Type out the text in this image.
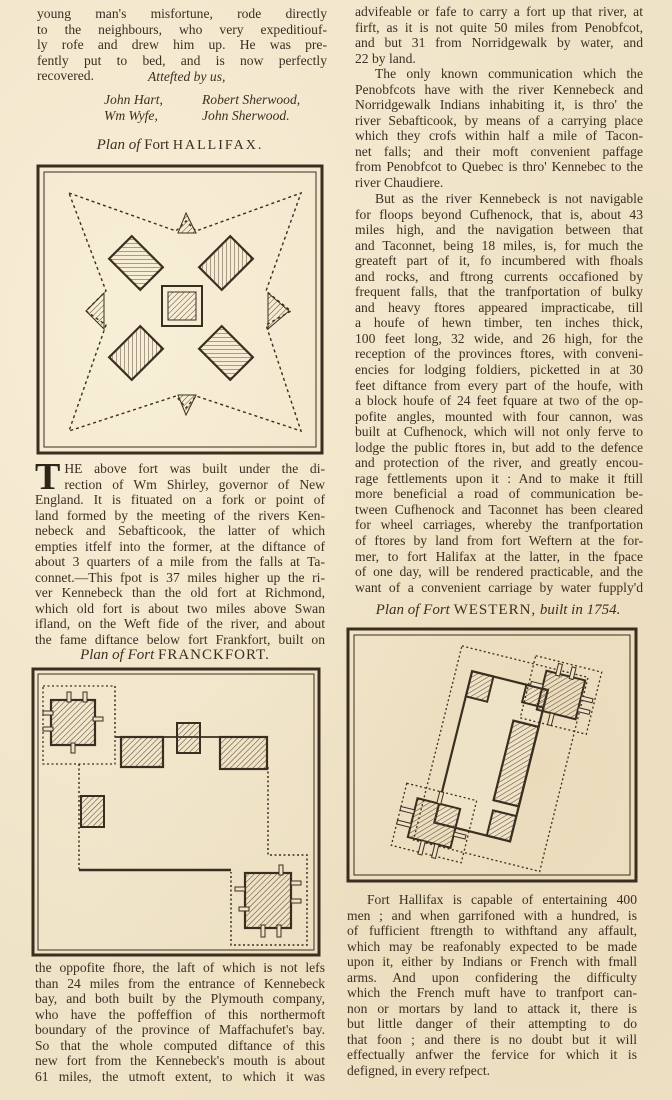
young man's misfortune, rode directly
to the neighbours, who very expeditiouf-
ly rofe and drew him up. He was pre-
fently put to bed, and is now perfectly
recovered.	Attefted by us,
John Hart,	Robert Sherwood,
Wm Wyfe,	John Sherwood.
Plan of Fort HALLIFAX.
T HE above fort was built under the di-
rection of Wm Shirley, governor of New
England. It is fituated on a fork or point of
land formed by the meeting of the rivers Ken-
nebeck and Sebafticook, the latter of which
empties itfelf into the former, at the diftance of
about 3 quarters of a mile from the falls at Ta-
connet.—This fpot is 37 miles higher up the ri-
ver Kennebeck than the old fort at Richmond,
which old fort is about two miles above Swan
ifland, on the Weft fide of the river, and about
the fame diftance below fort Frankfort, built on
Plan of Fort FRANCKFORT.
the oppofite fhore, the laft of which is not lefs
than 24 miles from the entrance of Kennebeck
bay, and both built by the Plymouth company,
who have the poffeffion of this northermoft
boundary of the province of Maffachufet's bay.
So that the whole computed diftance of this
new fort from the Kennebeck's mouth is about
61 miles, the utmoft extent, to which it was
advifeable or fafe to carry a fort up that river, at
firft, as it is not quite 50 miles from Penobfcot,
and but 31 from Norridgewalk by water, and
22 by land.
The only known communication which the
Penobfcots have with the river Kennebeck and
Norridgewalk Indians inhabiting it, is thro' the
river Sebafticook, by means of a carrying place
which they crofs within half a mile of Tacon-
net falls; and their moft convenient paffage
from Penobfcot to Quebec is thro' Kennebec to the
river Chaudiere.
But as the river Kennebeck is not navigable
for floops beyond Cufhenock, that is, about 43
miles high, and the navigation between that
and Taconnet, being 18 miles, is, for much the
greateft part of it, fo incumbered with fhoals
and rocks, and ftrong currents occafioned by
frequent falls, that the tranfportation of bulky
and heavy ftores appeared impracticabe, till
a houfe of hewn timber, ten inches thick,
100 feet long, 32 wide, and 26 high, for the
reception of the provinces ftores, with conveni-
encies for lodging foldiers, picketted in at 30
feet diftance from every part of the houfe, with
a block houfe of 24 feet fquare at two of the op-
pofite angles, mounted with four cannon, was
built at Cufhenock, which will not only ferve to
lodge the public ftores in, but add to the defence
and protection of the river, and greatly encou-
rage fettlements upon it : And to make it ftill
more beneficial a road of communication be-
tween Cufhenock and Taconnet has been cleared
for wheel carriages, whereby the tranfportation
of ftores by land from fort Weftern at the for-
mer, to fort Halifax at the latter, in the fpace
of one day, will be rendered practicable, and the
want of a convenient carriage by water fupply'd
Plan of Fort WESTERN, built in 1754.
Fort Hallifax is capable of entertaining 400
men ; and when garrifoned with a hundred, is
of fufficient ftrength to withftand any affault,
which may be reafonably expected to be made
upon it, either by Indians or French with fmall
arms. And upon confidering the difficulty
which the French muft have to tranfport can-
non or mortars by land to attack it, there is
but little danger of their attempting to do
that foon ; and there is no doubt but it will
effectually anfwer the fervice for which it is
defigned, in every refpect.
